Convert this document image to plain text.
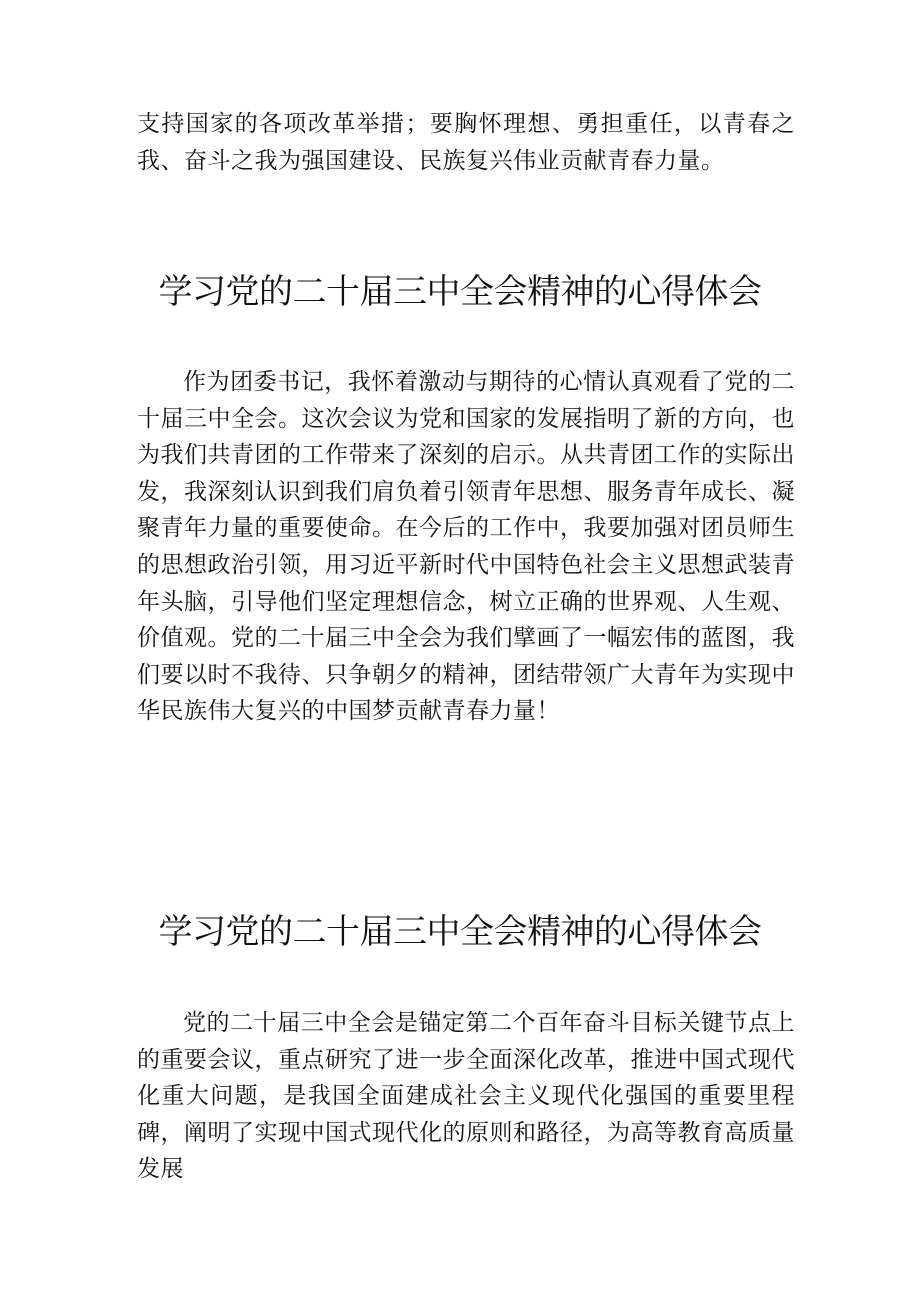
支持国家的各项改革举措；要胸怀理想、勇担重任，以青春之我、奋斗之我为强国建设、民族复兴伟业贡献青春力量。

学习党的二十届三中全会精神的心得体会

作为团委书记，我怀着激动与期待的心情认真观看了党的二十届三中全会。这次会议为党和国家的发展指明了新的方向，也为我们共青团的工作带来了深刻的启示。从共青团工作的实际出发，我深刻认识到我们肩负着引领青年思想、服务青年成长、凝聚青年力量的重要使命。在今后的工作中，我要加强对团员师生的思想政治引领，用习近平新时代中国特色社会主义思想武装青年头脑，引导他们坚定理想信念，树立正确的世界观、人生观、价值观。党的二十届三中全会为我们擘画了一幅宏伟的蓝图，我们要以时不我待、只争朝夕的精神，团结带领广大青年为实现中华民族伟大复兴的中国梦贡献青春力量！

学习党的二十届三中全会精神的心得体会

党的二十届三中全会是锚定第二个百年奋斗目标关键节点上的重要会议，重点研究了进一步全面深化改革，推进中国式现代化重大问题，是我国全面建成社会主义现代化强国的重要里程碑，阐明了实现中国式现代化的原则和路径，为高等教育高质量发展
